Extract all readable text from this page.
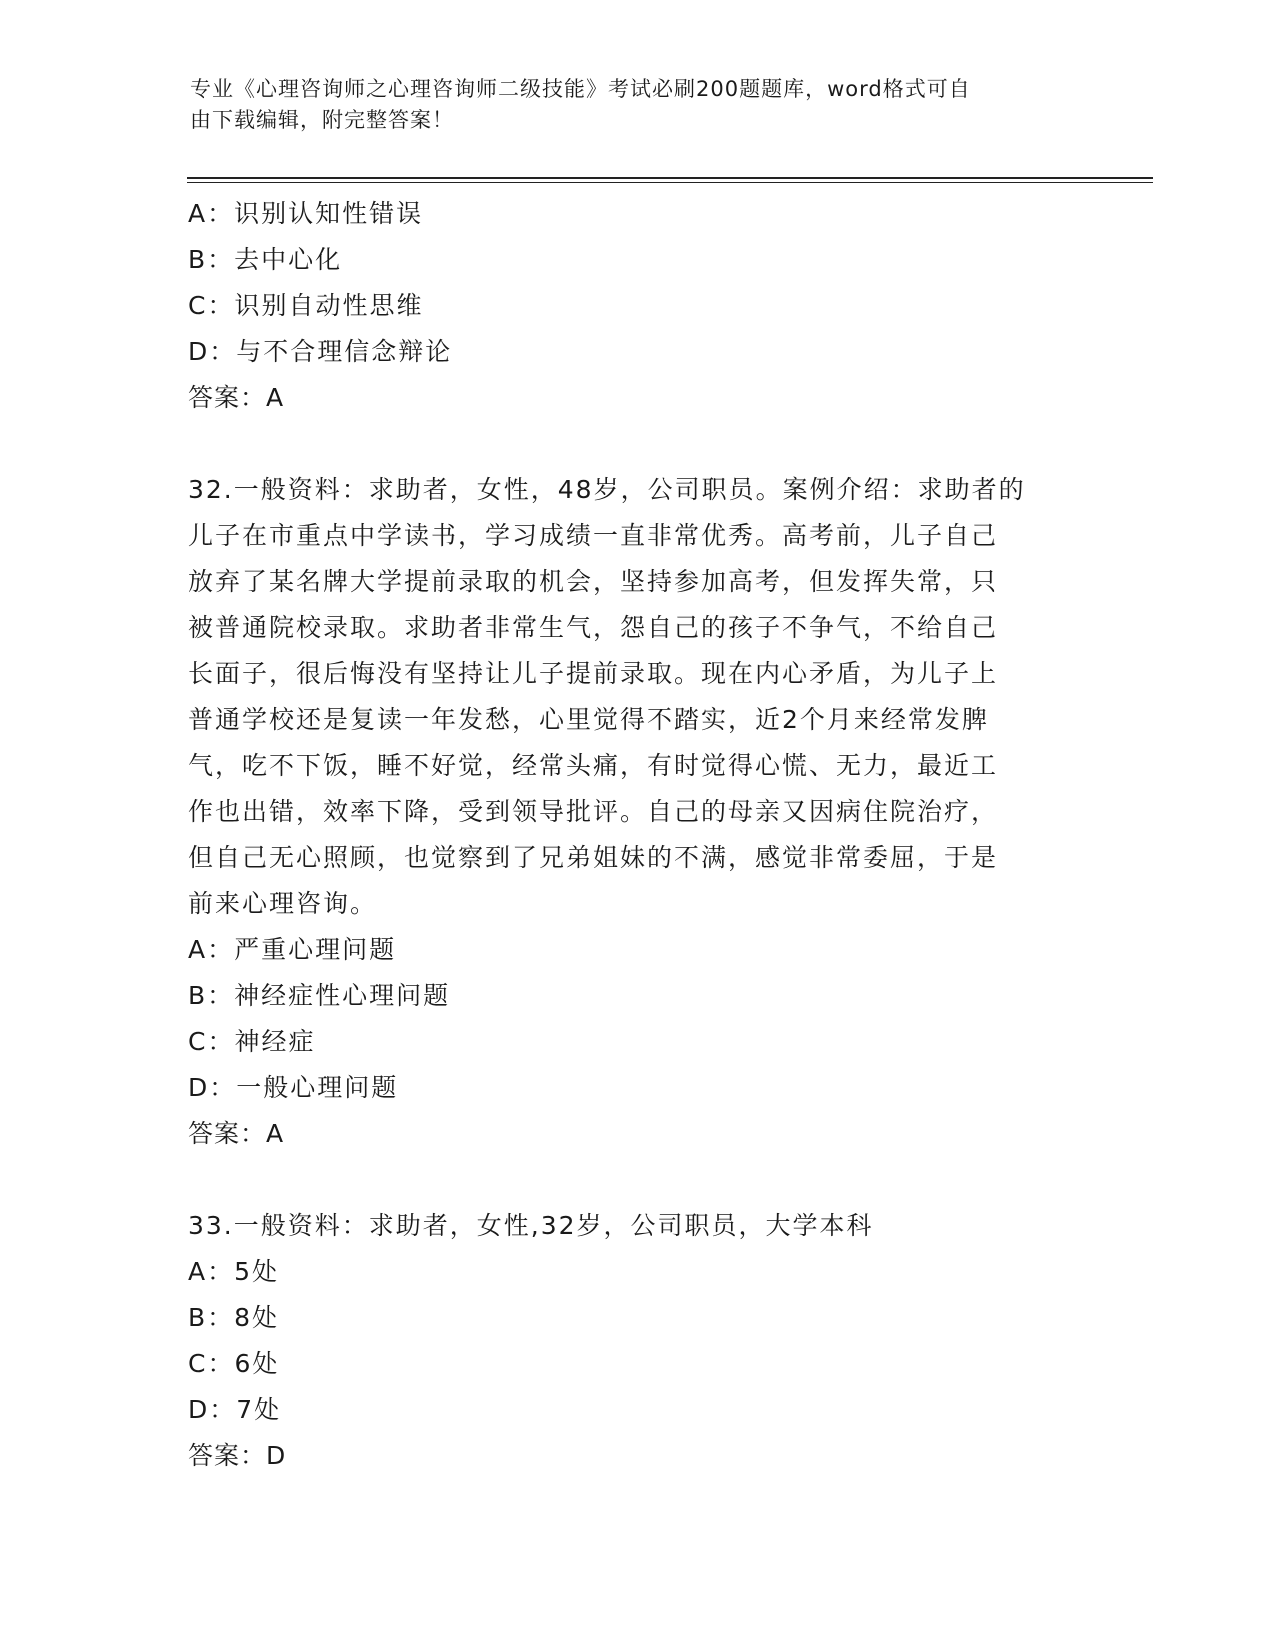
专业《心理咨询师之心理咨询师二级技能》考试必刷200题题库，word格式可自
由下载编辑，附完整答案！
A：识别认知性错误
B：去中心化
C：识别自动性思维
D：与不合理信念辩论
答案：A
32.一般资料：求助者，女性，48岁，公司职员。案例介绍：求助者的
儿子在市重点中学读书，学习成绩一直非常优秀。高考前，儿子自己
放弃了某名牌大学提前录取的机会，坚持参加高考，但发挥失常，只
被普通院校录取。求助者非常生气，怨自己的孩子不争气，不给自己
长面子，很后悔没有坚持让儿子提前录取。现在内心矛盾，为儿子上
普通学校还是复读一年发愁，心里觉得不踏实，近2个月来经常发脾
气，吃不下饭，睡不好觉，经常头痛，有时觉得心慌、无力，最近工
作也出错，效率下降，受到领导批评。自己的母亲又因病住院治疗，
但自己无心照顾，也觉察到了兄弟姐妹的不满，感觉非常委屈，于是
前来心理咨询。
A：严重心理问题
B：神经症性心理问题
C：神经症
D：一般心理问题
答案：A
33.一般资料：求助者，女性,32岁，公司职员，大学本科
A：5处
B：8处
C：6处
D：7处
答案：D
